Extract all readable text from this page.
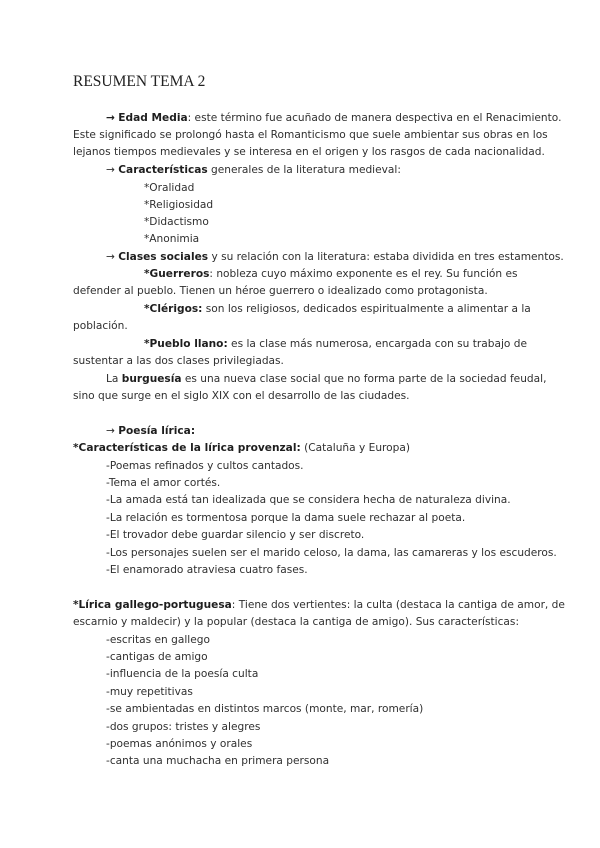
RESUMEN TEMA 2
→ Edad Media: este término fue acuñado de manera despectiva en el Renacimiento.
Este significado se prolongó hasta el Romanticismo que suele ambientar sus obras en los
lejanos tiempos medievales y se interesa en el origen y los rasgos de cada nacionalidad.
→ Características generales de la literatura medieval:
*Oralidad
*Religiosidad
*Didactismo
*Anonimia
→ Clases sociales y su relación con la literatura: estaba dividida en tres estamentos.
*Guerreros: nobleza cuyo máximo exponente es el rey. Su función es
defender al pueblo. Tienen un héroe guerrero o idealizado como protagonista.
*Clérigos: son los religiosos, dedicados espiritualmente a alimentar a la
población.
*Pueblo llano: es la clase más numerosa, encargada con su trabajo de
sustentar a las dos clases privilegiadas.
La burguesía es una nueva clase social que no forma parte de la sociedad feudal,
sino que surge en el siglo XIX con el desarrollo de las ciudades.
→ Poesía lírica:
*Características de la lírica provenzal: (Cataluña y Europa)
-Poemas refinados y cultos cantados.
-Tema el amor cortés.
-La amada está tan idealizada que se considera hecha de naturaleza divina.
-La relación es tormentosa porque la dama suele rechazar al poeta.
-El trovador debe guardar silencio y ser discreto.
-Los personajes suelen ser el marido celoso, la dama, las camareras y los escuderos.
-El enamorado atraviesa cuatro fases.
*Lírica gallego-portuguesa: Tiene dos vertientes: la culta (destaca la cantiga de amor, de
escarnio y maldecir) y la popular (destaca la cantiga de amigo). Sus características:
-escritas en gallego
-cantigas de amigo
-influencia de la poesía culta
-muy repetitivas
-se ambientadas en distintos marcos (monte, mar, romería)
-dos grupos: tristes y alegres
-poemas anónimos y orales
-canta una muchacha en primera persona
